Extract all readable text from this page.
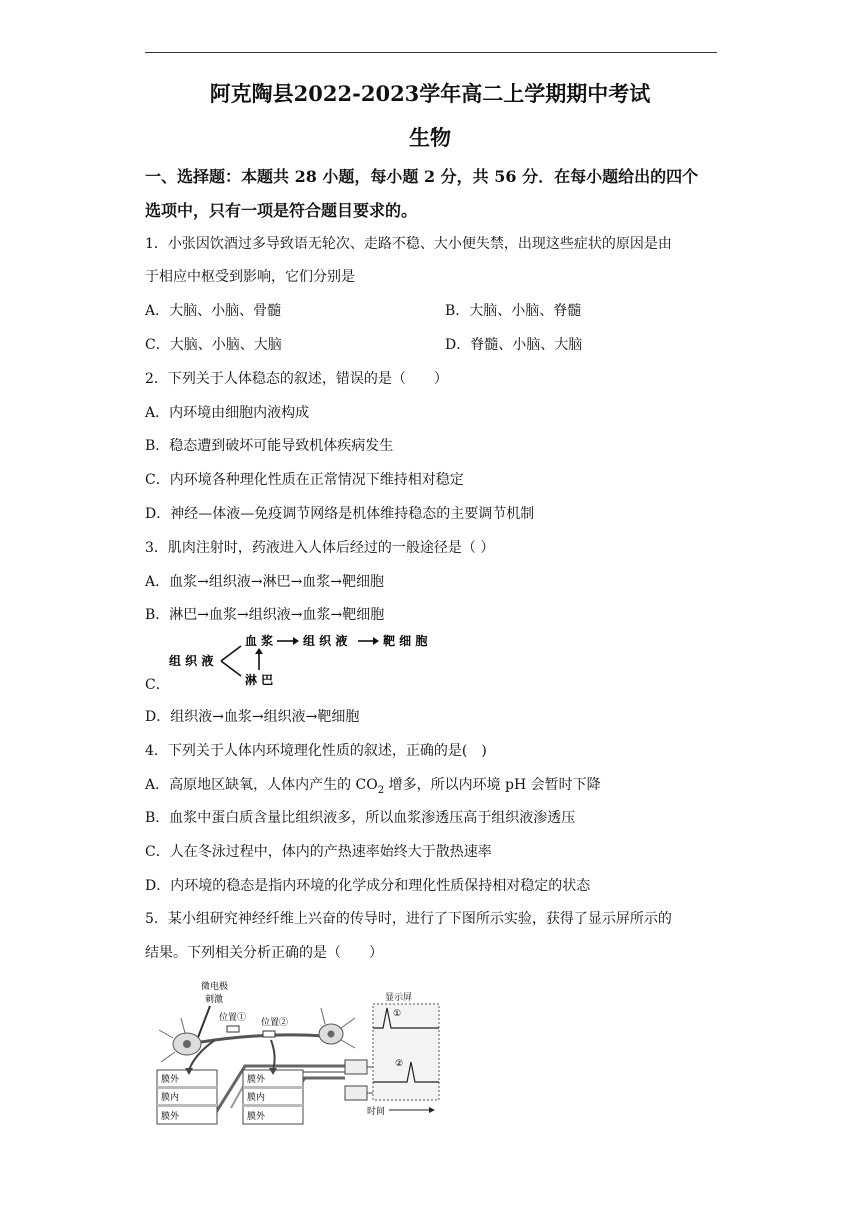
阿克陶县2022-2023学年高二上学期期中考试
生物
一、选择题：本题共 28 小题，每小题 2 分，共 56 分．在每小题给出的四个
选项中，只有一项是符合题目要求的。
1．小张因饮酒过多导致语无轮次、走路不稳、大小便失禁，出现这些症状的原因是由
于相应中枢受到影响，它们分别是
A．大脑、小脑、骨髓	B．大脑、小脑、脊髓
C．大脑、小脑、大脑	D．脊髓、小脑、大脑
2．下列关于人体稳态的叙述，错误的是（　　）
A．内环境由细胞内液构成
B．稳态遭到破坏可能导致机体疾病发生
C．内环境各种理化性质在正常情况下维持相对稳定
D．神经—体液—免疫调节网络是机体维持稳态的主要调节机制
3．肌肉注射时，药液进入人体后经过的一般途径是（ ）
A．血浆→组织液→淋巴→血浆→靶细胞
B．淋巴→血浆→组织液→血浆→靶细胞
C．
组 织 液
血 浆 组 织 液	靶 细 胞
淋 巴
D．组织液→血浆→组织液→靶细胞
4．下列关于人体内环境理化性质的叙述，正确的是(　)
A．高原地区缺氧，人体内产生的 $CO_2$ 增多，所以内环境 pH 会暂时下降
B．血浆中蛋白质含量比组织液多，所以血浆渗透压高于组织液渗透压
C．人在冬泳过程中，体内的产热速率始终大于散热速率
D．内环境的稳态是指内环境的化学成分和理化性质保持相对稳定的状态
5．某小组研究神经纤维上兴奋的传导时，进行了下图所示实验，获得了显示屏所示的
结果。下列相关分析正确的是（　　）
微电极
刺激
位置① 位置②
显示屏
①
②
时间
膜外
膜内
膜外
膜外
膜内
膜外
